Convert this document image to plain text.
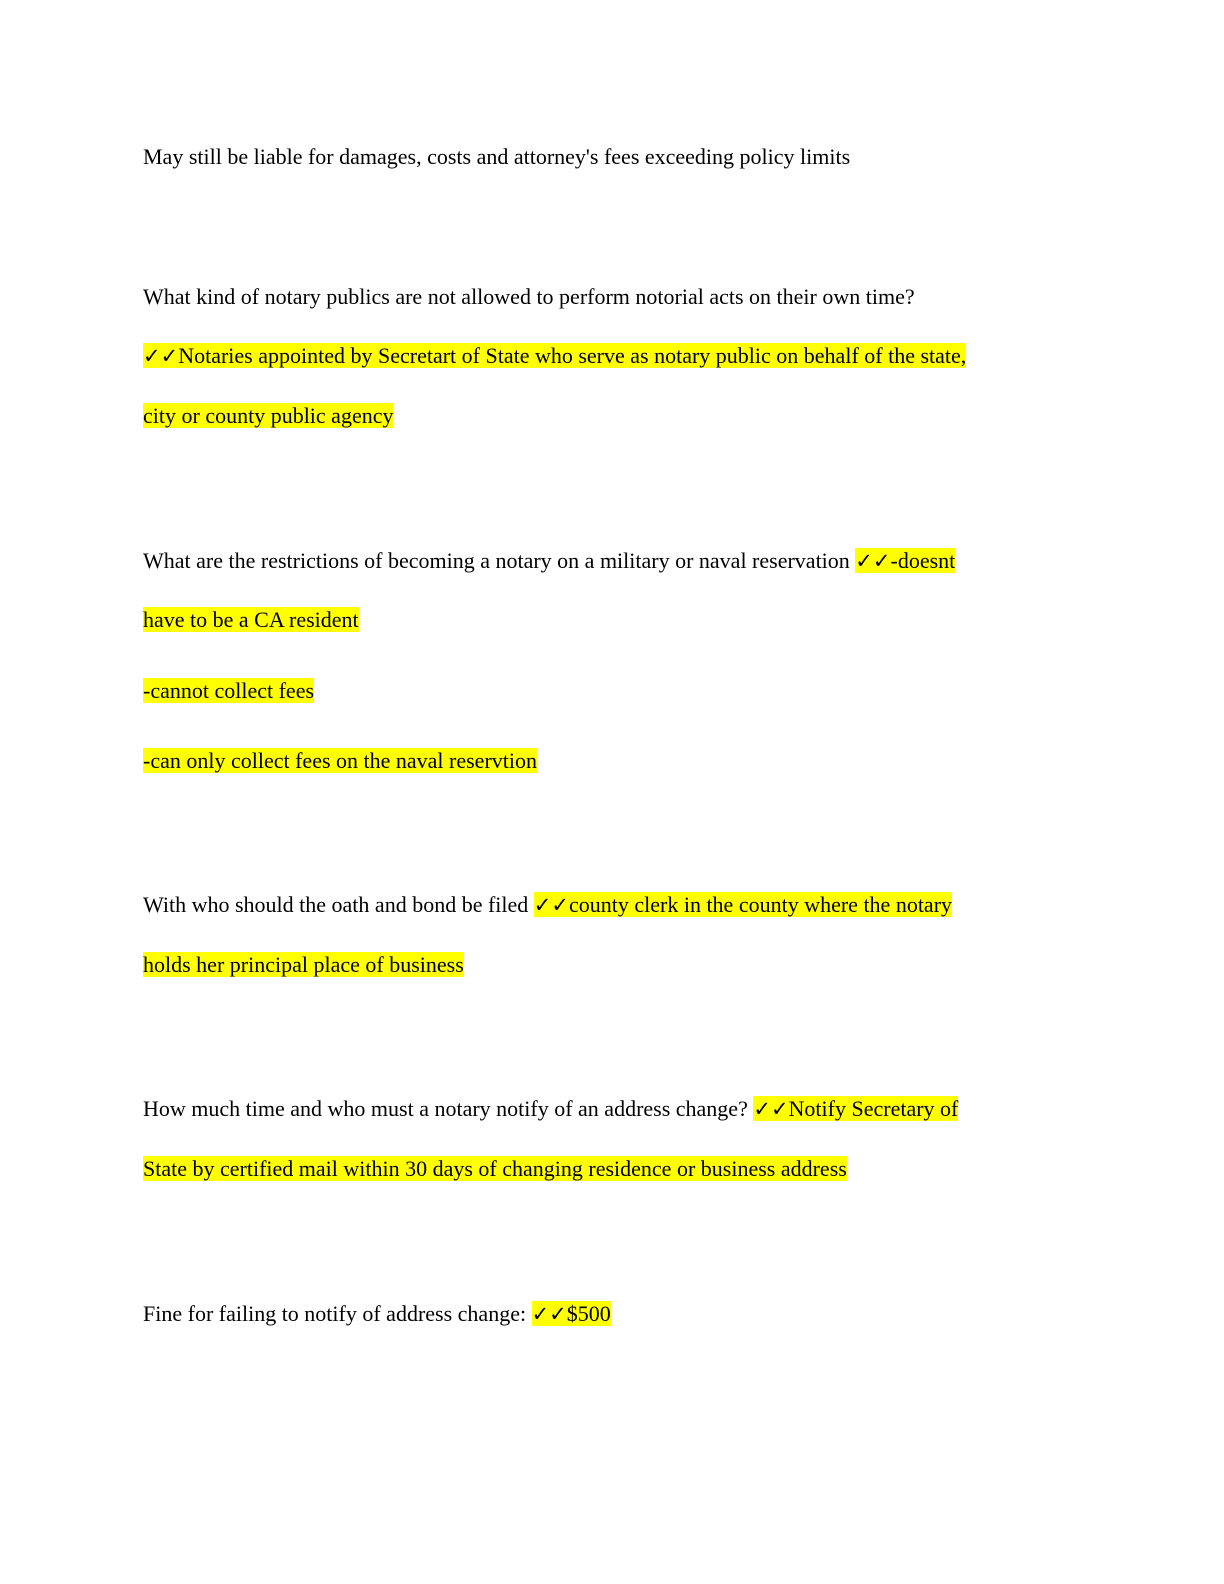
May still be liable for damages, costs and attorney's fees exceeding policy limits
What kind of notary publics are not allowed to perform notorial acts on their own time?
✓✓Notaries appointed by Secretart of State who serve as notary public on behalf of the state,
city or county public agency
What are the restrictions of becoming a notary on a military or naval reservation ✓✓-doesnt
have to be a CA resident
-cannot collect fees
-can only collect fees on the naval reservtion
With who should the oath and bond be filed ✓✓county clerk in the county where the notary
holds her principal place of business
How much time and who must a notary notify of an address change? ✓✓Notify Secretary of
State by certified mail within 30 days of changing residence or business address
Fine for failing to notify of address change: ✓✓$500
